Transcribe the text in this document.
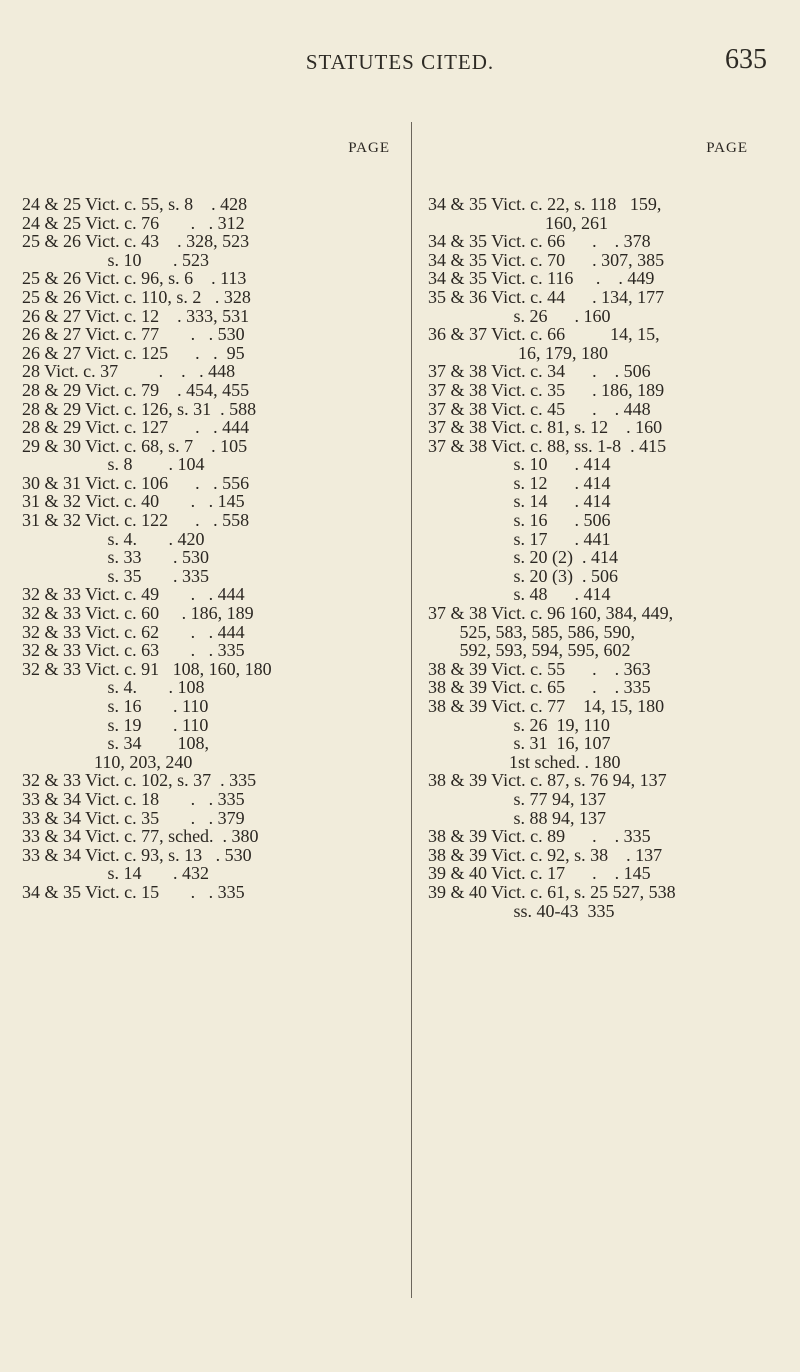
STATUTES CITED.	635

PAGE

24 & 25 Vict. c. 55, s. 8    . 428
24 & 25 Vict. c. 76       .   . 312
25 & 26 Vict. c. 43    . 328, 523
s. 10       . 523
25 & 26 Vict. c. 96, s. 6    . 113
25 & 26 Vict. c. 110, s. 2   . 328
26 & 27 Vict. c. 12    . 333, 531
26 & 27 Vict. c. 77       .   . 530
26 & 27 Vict. c. 125      .   .  95
28 Vict. c. 37         .    .   . 448
28 & 29 Vict. c. 79    . 454, 455
28 & 29 Vict. c. 126, s. 31  . 588
28 & 29 Vict. c. 127      .   . 444
29 & 30 Vict. c. 68, s. 7    . 105
s. 8        . 104
30 & 31 Vict. c. 106      .   . 556
31 & 32 Vict. c. 40       .   . 145
31 & 32 Vict. c. 122      .   . 558
s. 4.       . 420
s. 33       . 530
s. 35       . 335
32 & 33 Vict. c. 49       .   . 444
32 & 33 Vict. c. 60     . 186, 189
32 & 33 Vict. c. 62       .   . 444
32 & 33 Vict. c. 63       .   . 335
32 & 33 Vict. c. 91   108, 160, 180
s. 4.       . 108
s. 16       . 110
s. 19       . 110
s. 34        108,
110, 203, 240
32 & 33 Vict. c. 102, s. 37  . 335
33 & 34 Vict. c. 18       .   . 335
33 & 34 Vict. c. 35       .   . 379
33 & 34 Vict. c. 77, sched.  . 380
33 & 34 Vict. c. 93, s. 13   . 530
s. 14       . 432
34 & 35 Vict. c. 15       .   . 335

PAGE

34 & 35 Vict. c. 22, s. 118   159,
160, 261
34 & 35 Vict. c. 66      .    . 378
34 & 35 Vict. c. 70      . 307, 385
34 & 35 Vict. c. 116     .    . 449
35 & 36 Vict. c. 44      . 134, 177
s. 26      . 160
36 & 37 Vict. c. 66          14, 15,
16, 179, 180
37 & 38 Vict. c. 34      .    . 506
37 & 38 Vict. c. 35      . 186, 189
37 & 38 Vict. c. 45      .    . 448
37 & 38 Vict. c. 81, s. 12    . 160
37 & 38 Vict. c. 88, ss. 1-8  . 415
s. 10      . 414
s. 12      . 414
s. 14      . 414
s. 16      . 506
s. 17      . 441
s. 20 (2)  . 414
s. 20 (3)  . 506
s. 48      . 414
37 & 38 Vict. c. 96 160, 384, 449,
525, 583, 585, 586, 590,
592, 593, 594, 595, 602
38 & 39 Vict. c. 55      .    . 363
38 & 39 Vict. c. 65      .    . 335
38 & 39 Vict. c. 77    14, 15, 180
s. 26  19, 110
s. 31  16, 107
1st sched. . 180
38 & 39 Vict. c. 87, s. 76 94, 137
s. 77 94, 137
s. 88 94, 137
38 & 39 Vict. c. 89      .    . 335
38 & 39 Vict. c. 92, s. 38    . 137
39 & 40 Vict. c. 17      .    . 145
39 & 40 Vict. c. 61, s. 25 527, 538
ss. 40-43  335
